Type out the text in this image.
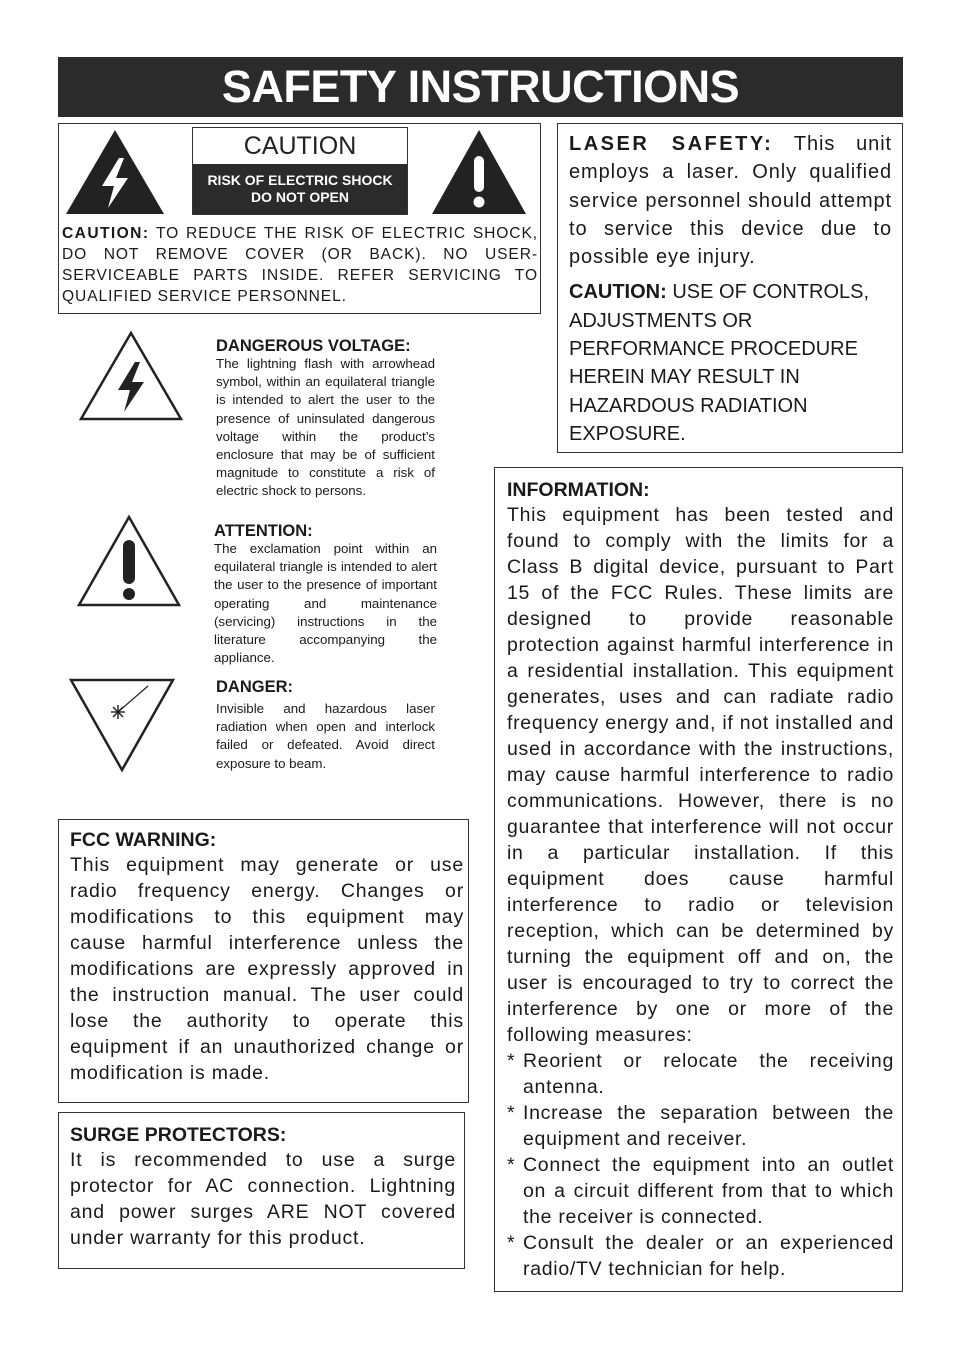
SAFETY INSTRUCTIONS
CAUTION
RISK OF ELECTRIC SHOCK
DO NOT OPEN
CAUTION: TO REDUCE THE RISK OF ELECTRIC SHOCK, DO NOT REMOVE COVER (OR BACK). NO USER-SERVICEABLE PARTS INSIDE. REFER SERVICING TO QUALIFIED SERVICE PERSONNEL.
DANGEROUS VOLTAGE:
The lightning flash with arrowhead symbol, within an equilateral triangle is intended to alert the user to the presence of uninsulated dangerous voltage within the product’s enclosure that may be of sufficient magnitude to constitute a risk of electric shock to persons.
ATTENTION:
The exclamation point within an equilateral triangle is intended to alert the user to the presence of important operating and maintenance (servicing) instructions in the literature accompanying the appliance.
DANGER:
Invisible and hazardous laser radiation when open and interlock failed or defeated. Avoid direct exposure to beam.

LASER SAFETY: This unit employs a laser. Only qualified service personnel should attempt to service this device due to possible eye injury.

CAUTION: USE OF CONTROLS, ADJUSTMENTS OR PERFORMANCE PROCEDURE HEREIN MAY RESULT IN HAZARDOUS RADIATION EXPOSURE.

INFORMATION:

This equipment has been tested and found to comply with the limits for a Class B digital device, pursuant to Part 15 of the FCC Rules. These limits are designed to provide reasonable protection against harmful interference in a residential installation. This equipment generates, uses and can radiate radio frequency energy and, if not installed and used in accordance with the instructions, may cause harmful interference to radio communications. However, there is no guarantee that interference will not occur in a particular installation. If this equipment does cause harmful interference to radio or television reception, which can be determined by turning the equipment off and on, the user is encouraged to try to correct the interference by one or more of the following measures:

* Reorient or relocate the receiving antenna.
* Increase the separation between the equipment and receiver.
* Connect the equipment into an outlet on a circuit different from that to which the receiver is connected.
* Consult the dealer or an experienced radio/TV technician for help.

FCC WARNING:

This equipment may generate or use radio frequency energy. Changes or modifications to this equipment may cause harmful interference unless the modifications are expressly approved in the instruction manual. The user could lose the authority to operate this equipment if an unauthorized change or modification is made.

SURGE PROTECTORS:

It is recommended to use a surge protector for AC connection. Lightning and power surges ARE NOT covered under warranty for this product.
